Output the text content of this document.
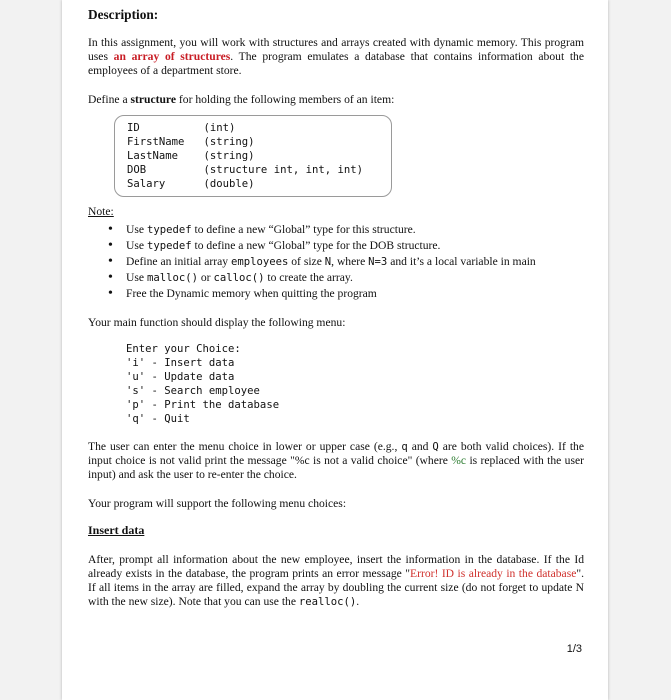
Description:

In this assignment, you will work with structures and arrays created with dynamic memory. This program uses an array of structures. The program emulates a database that contains information about the employees of a department store.

Define a structure for holding the following members of an item:

ID          (int)
FirstName   (string)
LastName    (string)
DOB         (structure int, int, int)
Salary      (double)
Note:
• Use typedef to define a new “Global” type for this structure.
• Use typedef to define a new “Global” type for the DOB structure.
• Define an initial array employees of size N, where N=3 and it’s a local variable in main
• Use malloc() or calloc() to create the array.
• Free the Dynamic memory when quitting the program

Your main function should display the following menu:

Enter your Choice:
'i' - Insert data
'u' - Update data
's' - Search employee
'p' - Print the database
'q' - Quit

The user can enter the menu choice in lower or upper case (e.g., q and Q are both valid choices). If the input choice is not valid print the message "%c is not a valid choice" (where %c is replaced with the user input) and ask the user to re-enter the choice.

Your program will support the following menu choices:

Insert data

After, prompt all information about the new employee, insert the information in the database. If the Id already exists in the database, the program prints an error message "Error! ID is already in the database". If all items in the array are filled, expand the array by doubling the current size (do not forget to update N with the new size). Note that you can use the realloc().

1/3
